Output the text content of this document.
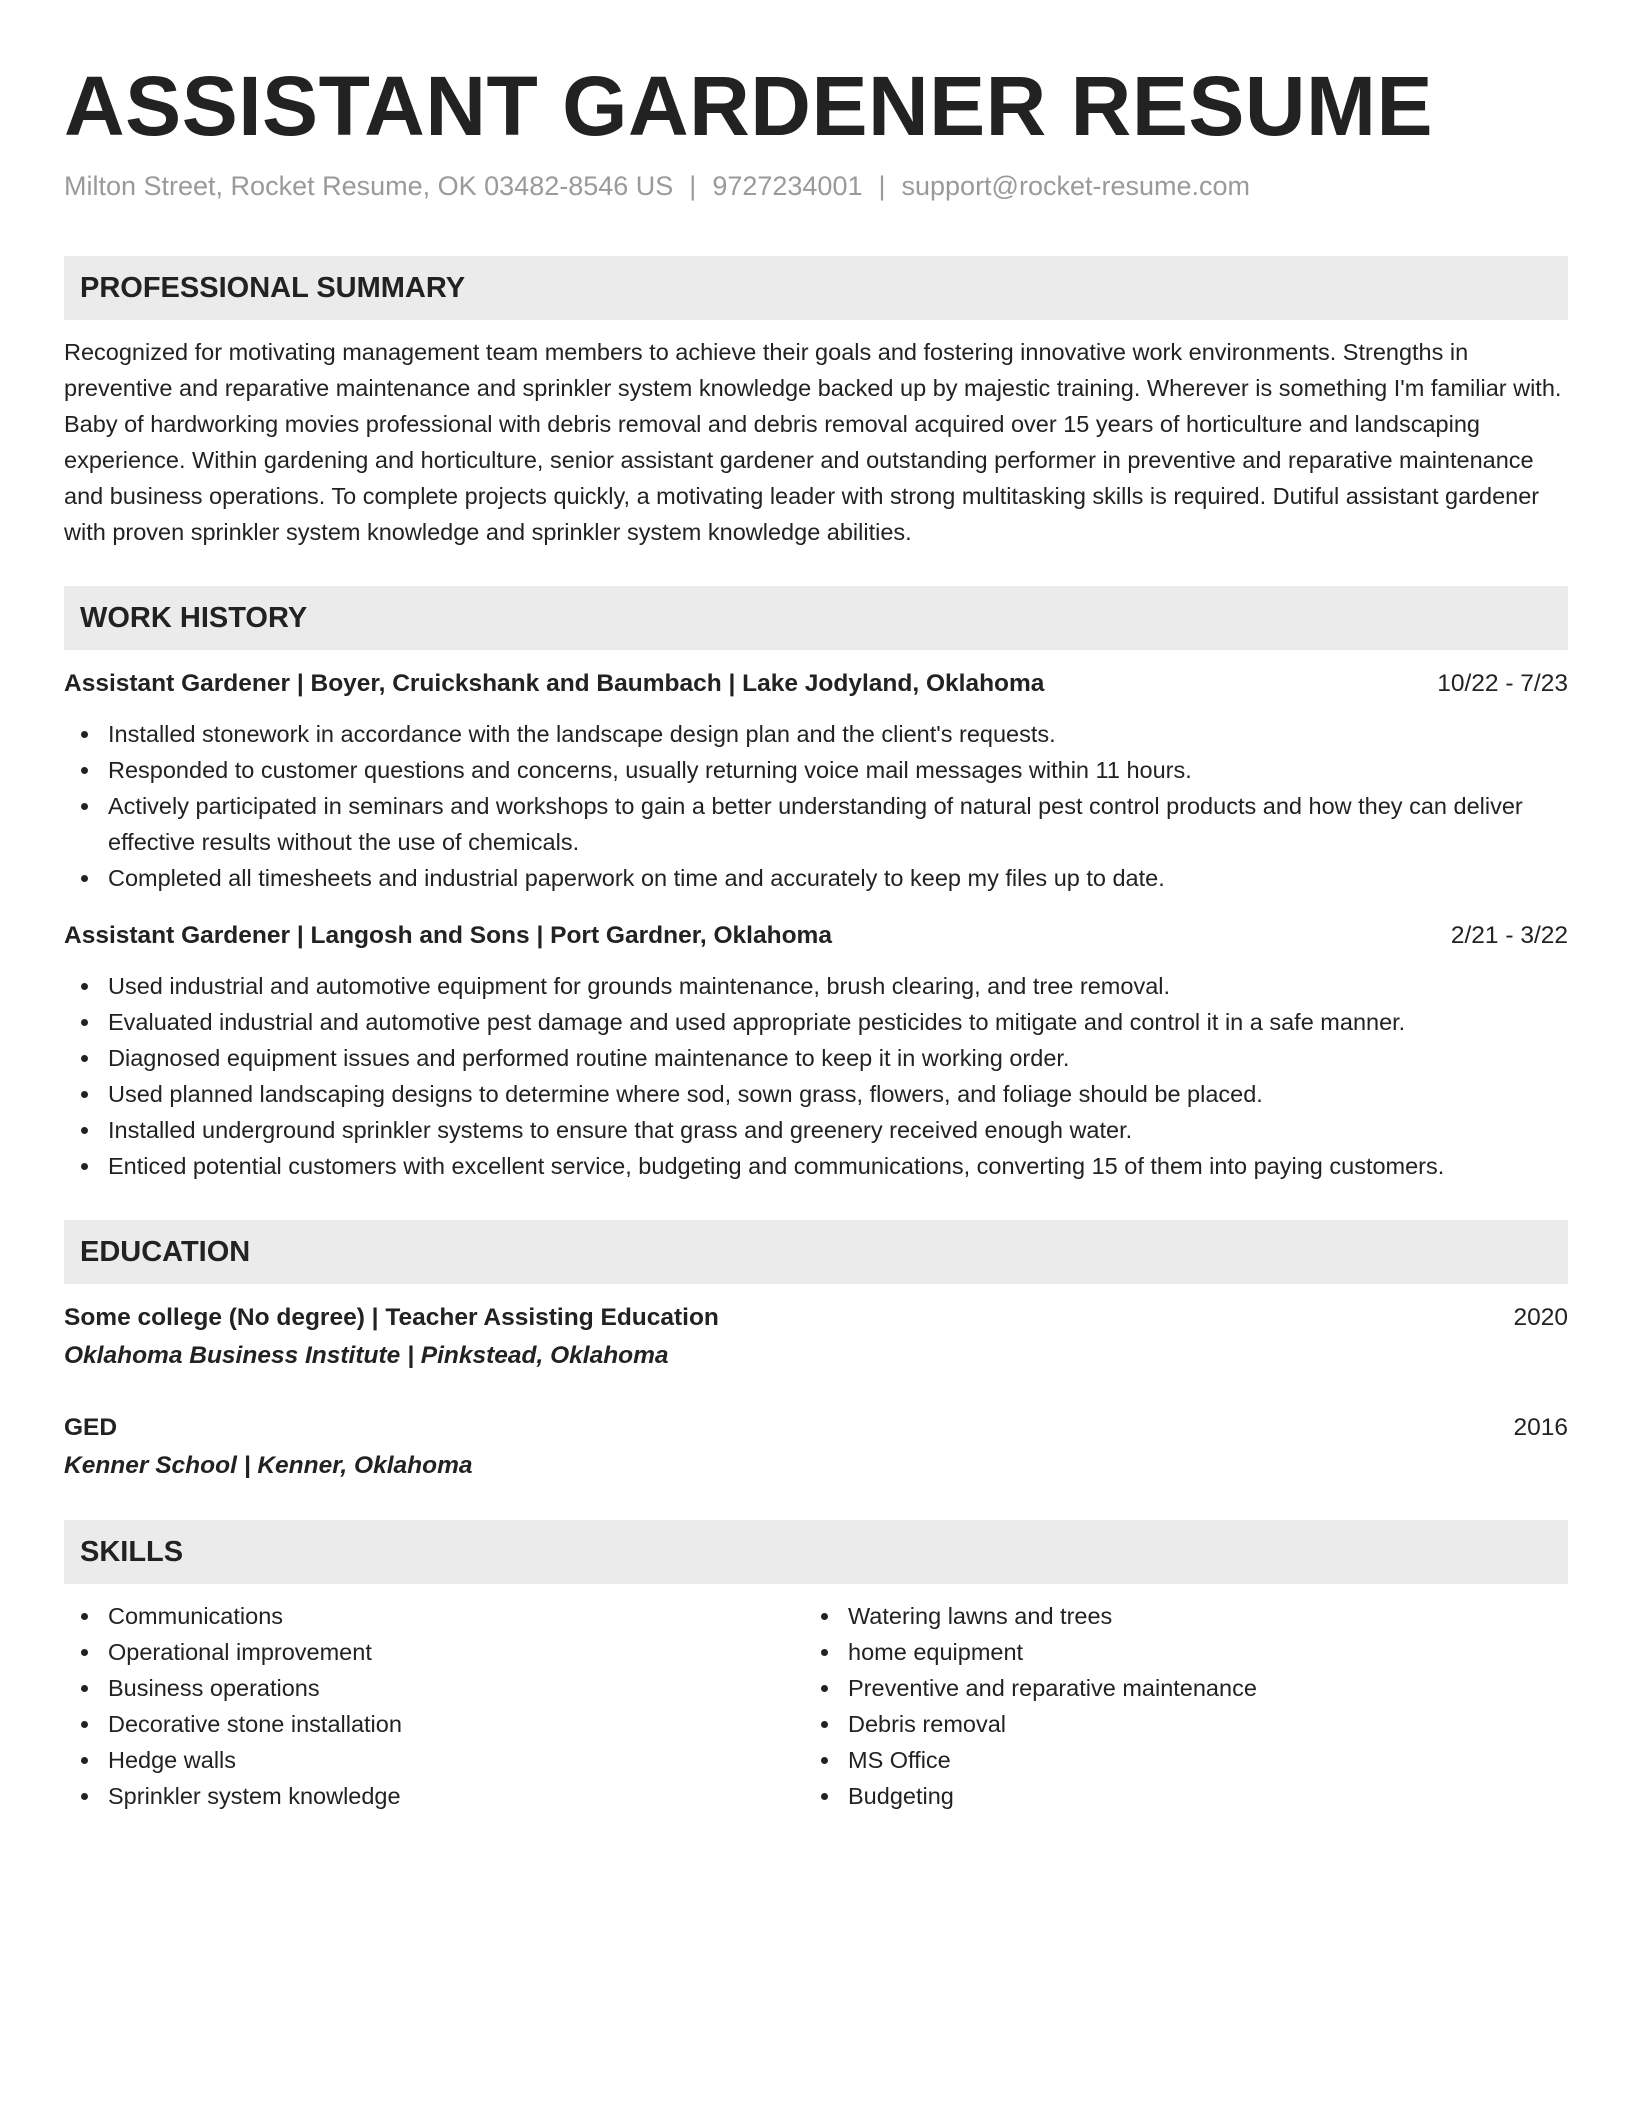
ASSISTANT GARDENER RESUME
Milton Street, Rocket Resume, OK 03482-8546 US | 9727234001 | support@rocket-resume.com
PROFESSIONAL SUMMARY
Recognized for motivating management team members to achieve their goals and fostering innovative work environments. Strengths in preventive and reparative maintenance and sprinkler system knowledge backed up by majestic training. Wherever is something I'm familiar with. Baby of hardworking movies professional with debris removal and debris removal acquired over 15 years of horticulture and landscaping experience. Within gardening and horticulture, senior assistant gardener and outstanding performer in preventive and reparative maintenance and business operations. To complete projects quickly, a motivating leader with strong multitasking skills is required. Dutiful assistant gardener with proven sprinkler system knowledge and sprinkler system knowledge abilities.
WORK HISTORY
Assistant Gardener | Boyer, Cruickshank and Baumbach | Lake Jodyland, Oklahoma	10/22 - 7/23
Installed stonework in accordance with the landscape design plan and the client's requests.
Responded to customer questions and concerns, usually returning voice mail messages within 11 hours.
Actively participated in seminars and workshops to gain a better understanding of natural pest control products and how they can deliver effective results without the use of chemicals.
Completed all timesheets and industrial paperwork on time and accurately to keep my files up to date.
Assistant Gardener | Langosh and Sons | Port Gardner, Oklahoma	2/21 - 3/22
Used industrial and automotive equipment for grounds maintenance, brush clearing, and tree removal.
Evaluated industrial and automotive pest damage and used appropriate pesticides to mitigate and control it in a safe manner.
Diagnosed equipment issues and performed routine maintenance to keep it in working order.
Used planned landscaping designs to determine where sod, sown grass, flowers, and foliage should be placed.
Installed underground sprinkler systems to ensure that grass and greenery received enough water.
Enticed potential customers with excellent service, budgeting and communications, converting 15 of them into paying customers.
EDUCATION
Some college (No degree) | Teacher Assisting Education	2020
Oklahoma Business Institute | Pinkstead, Oklahoma
GED	2016
Kenner School | Kenner, Oklahoma
SKILLS
Communications
Operational improvement
Business operations
Decorative stone installation
Hedge walls
Sprinkler system knowledge
Watering lawns and trees
home equipment
Preventive and reparative maintenance
Debris removal
MS Office
Budgeting
